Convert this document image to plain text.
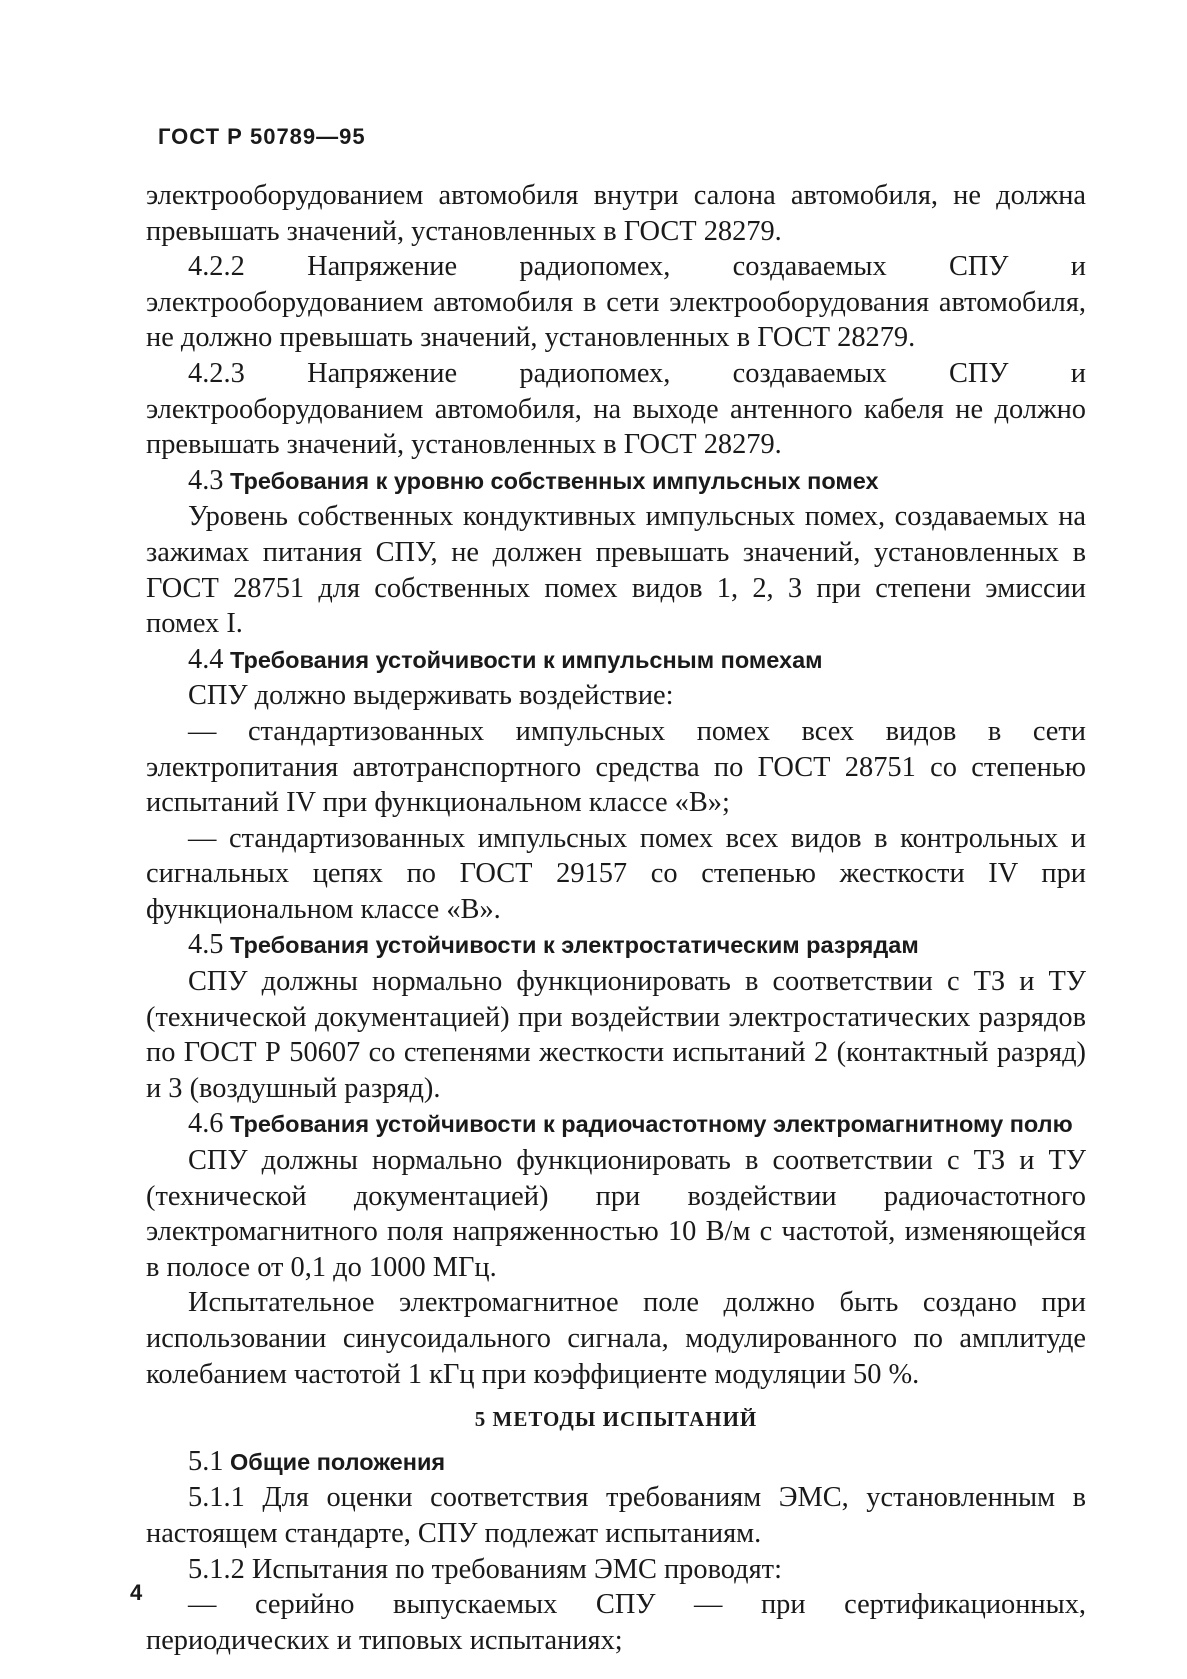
ГОСТ Р 50789—95

электрооборудованием автомобиля внутри салона автомобиля, не должна превышать значений, установленных в ГОСТ 28279.

4.2.2 Напряжение радиопомех, создаваемых СПУ и электрооборудованием автомобиля в сети электрооборудования автомобиля, не должно превышать значений, установленных в ГОСТ 28279.

4.2.3 Напряжение радиопомех, создаваемых СПУ и электрооборудованием автомобиля, на выходе антенного кабеля не должно превышать значений, установленных в ГОСТ 28279.

4.3 Требования к уровню собственных импульсных помех

Уровень собственных кондуктивных импульсных помех, создаваемых на зажимах питания СПУ, не должен превышать значений, установленных в ГОСТ 28751 для собственных помех видов 1, 2, 3 при степени эмиссии помех I.

4.4 Требования устойчивости к импульсным помехам

СПУ должно выдерживать воздействие:

— стандартизованных импульсных помех всех видов в сети электропитания автотранспортного средства по ГОСТ 28751 со степенью испытаний IV при функциональном классе «В»;

— стандартизованных импульсных помех всех видов в контрольных и сигнальных цепях по ГОСТ 29157 со степенью жесткости IV при функциональном классе «В».

4.5 Требования устойчивости к электростатическим разрядам

СПУ должны нормально функционировать в соответствии с ТЗ и ТУ (технической документацией) при воздействии электростатических разрядов по ГОСТ Р 50607 со степенями жесткости испытаний 2 (контактный разряд) и 3 (воздушный разряд).

4.6 Требования устойчивости к радиочастотному электромагнитному полю

СПУ должны нормально функционировать в соответствии с ТЗ и ТУ (технической документацией) при воздействии радиочастотного электромагнитного поля напряженностью 10 В/м с частотой, изменяющейся в полосе от 0,1 до 1000 МГц.

Испытательное электромагнитное поле должно быть создано при использовании синусоидального сигнала, модулированного по амплитуде колебанием частотой 1 кГц при коэффициенте модуляции 50 %.

5 МЕТОДЫ ИСПЫТАНИЙ

5.1 Общие положения

5.1.1 Для оценки соответствия требованиям ЭМС, установленным в настоящем стандарте, СПУ подлежат испытаниям.

5.1.2 Испытания по требованиям ЭМС проводят:

— серийно выпускаемых СПУ — при сертификационных, периодических и типовых испытаниях;

4
